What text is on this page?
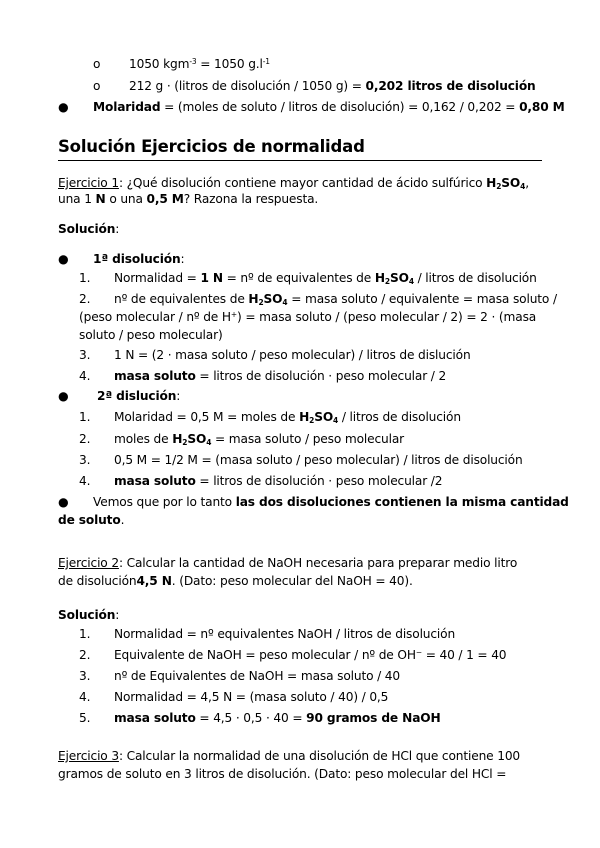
o 1050 kgm$^{-3}$ = 1050 $g.l^{-1}$
o 212 g · (litros de disolución / 1050 g) = 0,202 litros de disolución
● Molaridad = (moles de soluto / litros de disolución) = 0,162 / 0,202 = 0,80 M
Solución Ejercicios de normalidad
Ejercicio 1: ¿Qué disolución contiene mayor cantidad de ácido sulfúrico $H_2SO_4$,
una 1 N o una 0,5 M? Razona la respuesta.
Solución:
● 1ª disolución:
1. Normalidad = 1 N = nº de equivalentes de $H_2SO_4$ / litros de disolución
2. nº de equivalentes de $H_2SO_4$ = masa soluto / equivalente = masa soluto /
(peso molecular / nº de H+) = masa soluto / (peso molecular / 2) = 2 · (masa
soluto / peso molecular)
3. 1 N = (2 · masa soluto / peso molecular) / litros de dislución
4. masa soluto = litros de disolución · peso molecular / 2
● 2ª dislución:
1. Molaridad = 0,5 M = moles de $H_2SO_4$ / litros de disolución
2. moles de $H_2SO_4$ = masa soluto / peso molecular
3. 0,5 M = 1/2 M = (masa soluto / peso molecular) / litros de disolución
4. masa soluto = litros de disolución · peso molecular /2
● Vemos que por lo tanto las dos disoluciones contienen la misma cantidad
de soluto.
Ejercicio 2: Calcular la cantidad de NaOH necesaria para preparar medio litro
de disolución4,5 N. (Dato: peso molecular del NaOH = 40).
Solución:
1. Normalidad = nº equivalentes NaOH / litros de disolución
2. Equivalente de NaOH = peso molecular / nº de OH− = 40 / 1 = 40
3. nº de Equivalentes de NaOH = masa soluto / 40
4. Normalidad = 4,5 N = (masa soluto / 40) / 0,5
5. masa soluto = 4,5 · 0,5 · 40 = 90 gramos de NaOH
Ejercicio 3: Calcular la normalidad de una disolución de HCl que contiene 100
gramos de soluto en 3 litros de disolución. (Dato: peso molecular del HCl =
